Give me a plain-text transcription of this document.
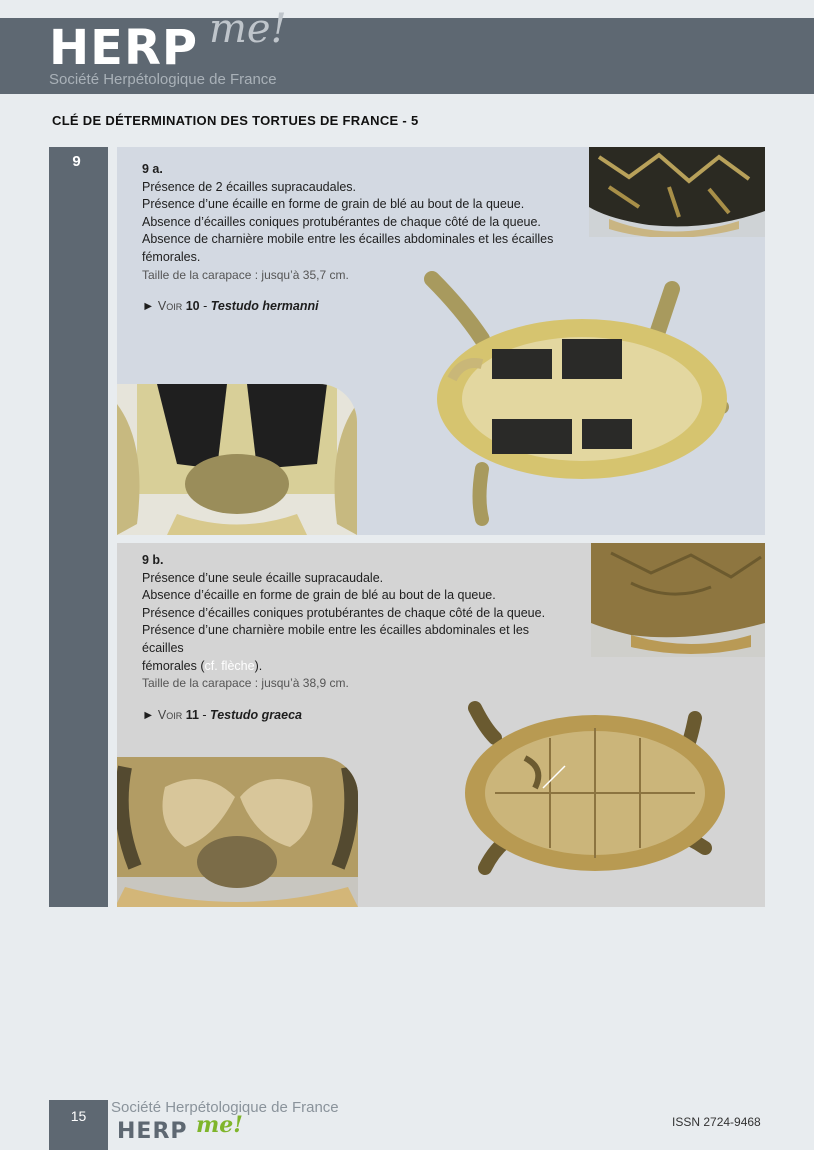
HERP me!
Société Herpétologique de France
CLÉ DE DÉTERMINATION DES TORTUES DE FRANCE - 5
9	9 a.
Présence de 2 écailles supracaudales.
Présence d’une écaille en forme de grain de blé au bout de la queue.
Absence d’écailles coniques protubérantes de chaque côté de la queue.
Absence de charnière mobile entre les écailles abdominales et les écailles fémorales.
Taille de la carapace : jusqu’à 35,7 cm.
► Voir 10 - Testudo hermanni
9 b.
Présence d’une seule écaille supracaudale.
Absence d’écaille en forme de grain de blé au bout de la queue.
Présence d’écailles coniques protubérantes de chaque côté de la queue.
Présence d’une charnière mobile entre les écailles abdominales et les écailles
fémorales (cf. flèche).
Taille de la carapace : jusqu’à 38,9 cm.
► Voir 11 - Testudo graeca
15	Société Herpétologique de France
HERP me!	ISSN 2724-9468
